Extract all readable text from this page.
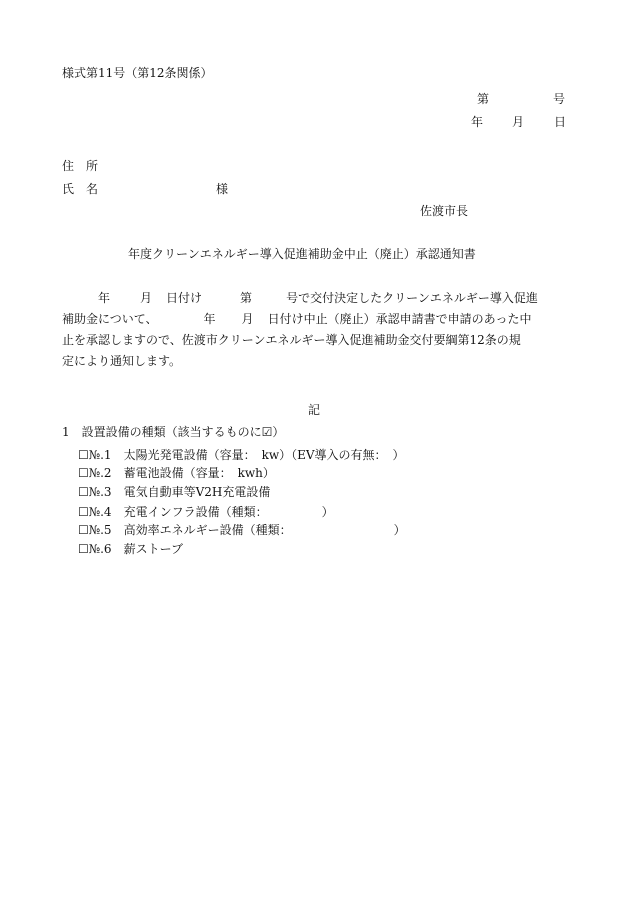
様式第11号（第12条関係）
第	号
年 月 日
住　所
氏　名	様
佐渡市長
年度クリーンエネルギー導入促進補助金中止（廃止）承認通知書
年	月 日付け	第	号で交付決定したクリーンエネルギー導入促進
補助金について、	年 月 日付け中止（廃止）承認申請書で申請のあった中
止を承認しますので、佐渡市クリーンエネルギー導入促進補助金交付要綱第12条の規
定により通知します。
記
1　設置設備の種類（該当するものに☑）
☐№.1　太陽光発電設備（容量：　kw）（EV導入の有無：　）
☐№.2　蓄電池設備（容量：　kwh）
☐№.3　電気自動車等V2H充電設備
☐№.4　充電インフラ設備（種類：　　　　　）
☐№.5　高効率エネルギー設備（種類：　　　　　　　　　）
☐№.6　薪ストーブ
